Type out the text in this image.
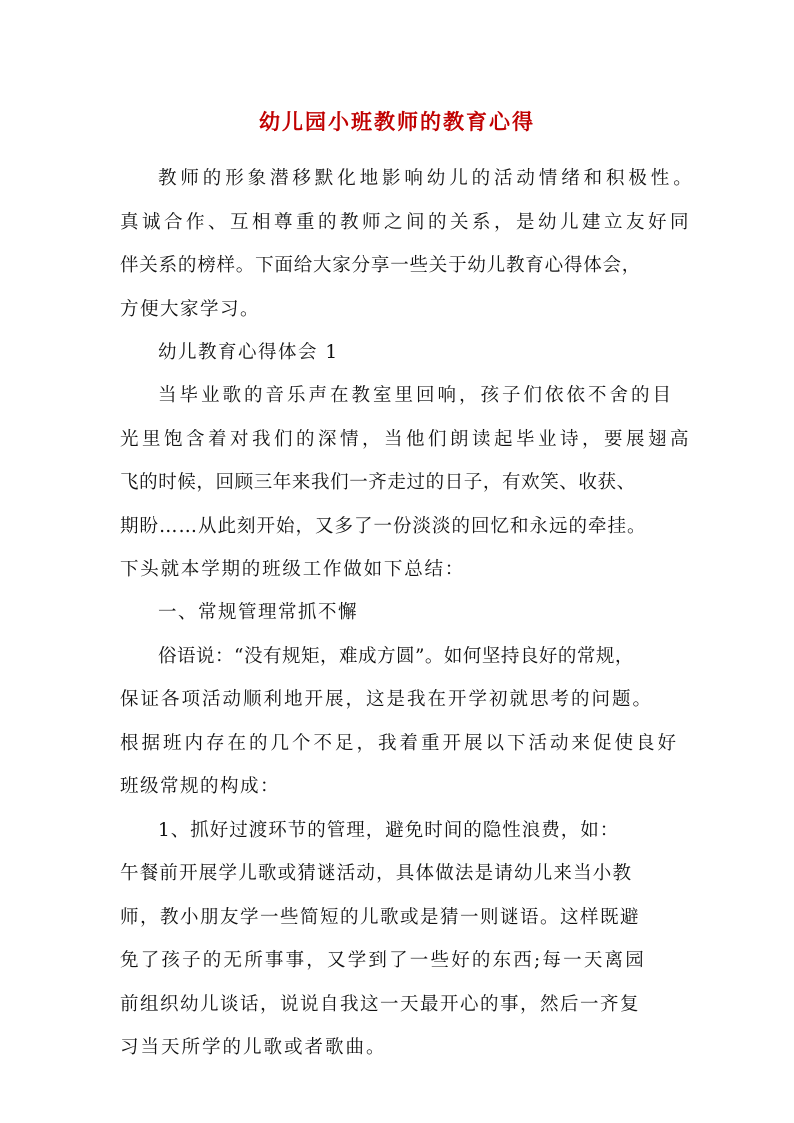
幼儿园小班教师的教育心得
教师的形象潜移默化地影响幼儿的活动情绪和积极性。
真诚合作、互相尊重的教师之间的关系，是幼儿建立友好同
伴关系的榜样。下面给大家分享一些关于幼儿教育心得体会，
方便大家学习。
幼儿教育心得体会 1
当毕业歌的音乐声在教室里回响，孩子们依依不舍的目
光里饱含着对我们的深情，当他们朗读起毕业诗，要展翅高
飞的时候，回顾三年来我们一齐走过的日子，有欢笑、收获、
期盼……从此刻开始，又多了一份淡淡的回忆和永远的牵挂。
下头就本学期的班级工作做如下总结：
一、常规管理常抓不懈
俗语说：“没有规矩，难成方圆”。如何坚持良好的常规，
保证各项活动顺利地开展，这是我在开学初就思考的问题。
根据班内存在的几个不足，我着重开展以下活动来促使良好
班级常规的构成：
1、抓好过渡环节的管理，避免时间的隐性浪费，如：
午餐前开展学儿歌或猜谜活动，具体做法是请幼儿来当小教
师，教小朋友学一些简短的儿歌或是猜一则谜语。这样既避
免了孩子的无所事事，又学到了一些好的东西;每一天离园
前组织幼儿谈话，说说自我这一天最开心的事，然后一齐复
习当天所学的儿歌或者歌曲。
